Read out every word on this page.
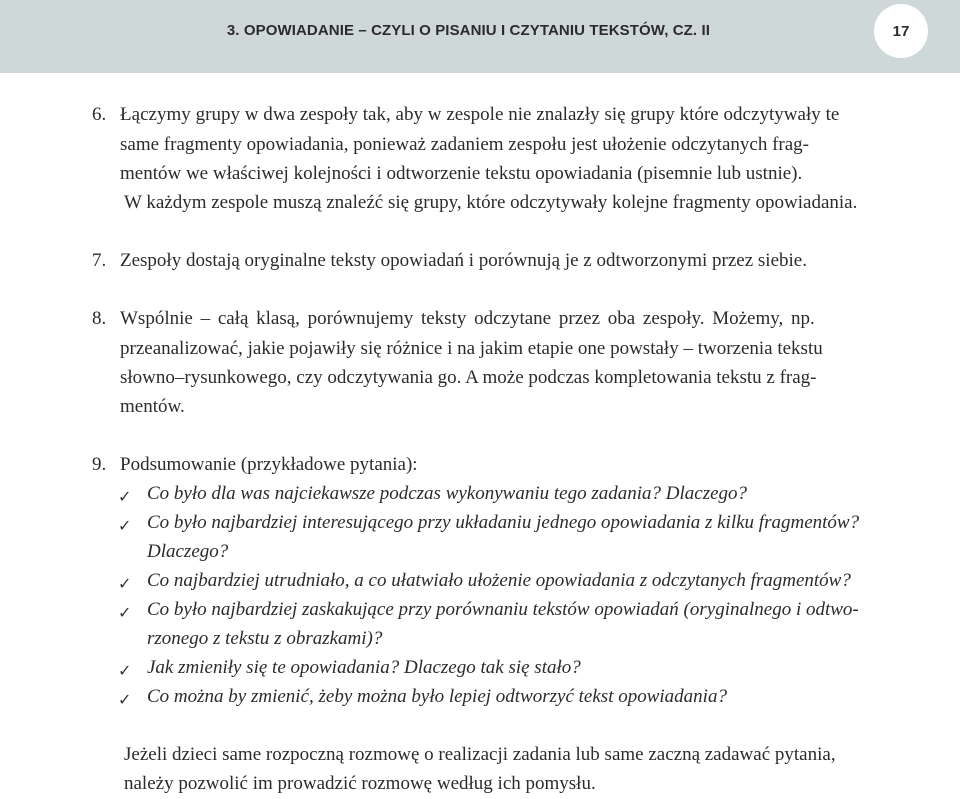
3. OPOWIADANIE – CZYLI O PISANIU I CZYTANIU TEKSTÓW, CZ. II	17
6. Łączymy grupy w dwa zespoły tak, aby w zespole nie znalazły się grupy które odczytywały te
same fragmenty opowiadania, ponieważ zadaniem zespołu jest ułożenie odczytanych frag-
mentów we właściwej kolejności i odtworzenie tekstu opowiadania (pisemnie lub ustnie).
W każdym zespole muszą znaleźć się grupy, które odczytywały kolejne fragmenty opowiadania.
7. Zespoły dostają oryginalne teksty opowiadań i porównują je z odtworzonymi przez siebie.
8. Wspólnie – całą klasą, porównujemy teksty odczytane przez oba zespoły. Możemy, np.
przeanalizować, jakie pojawiły się różnice i na jakim etapie one powstały – tworzenia tekstu
słowno–rysunkowego, czy odczytywania go. A może podczas kompletowania tekstu z frag-
mentów.
9. Podsumowanie (przykładowe pytania):
✓ Co było dla was najciekawsze podczas wykonywaniu tego zadania? Dlaczego?
✓ Co było najbardziej interesującego przy układaniu jednego opowiadania z kilku fragmentów?
Dlaczego?
✓ Co najbardziej utrudniało, a co ułatwiało ułożenie opowiadania z odczytanych fragmentów?
✓ Co było najbardziej zaskakujące przy porównaniu tekstów opowiadań (oryginalnego i odtwo-
rzonego z tekstu z obrazkami)?
✓ Jak zmieniły się te opowiadania? Dlaczego tak się stało?
✓ Co można by zmienić, żeby można było lepiej odtworzyć tekst opowiadania?
Jeżeli dzieci same rozpoczną rozmowę o realizacji zadania lub same zaczną zadawać pytania,
należy pozwolić im prowadzić rozmowę według ich pomysłu.
